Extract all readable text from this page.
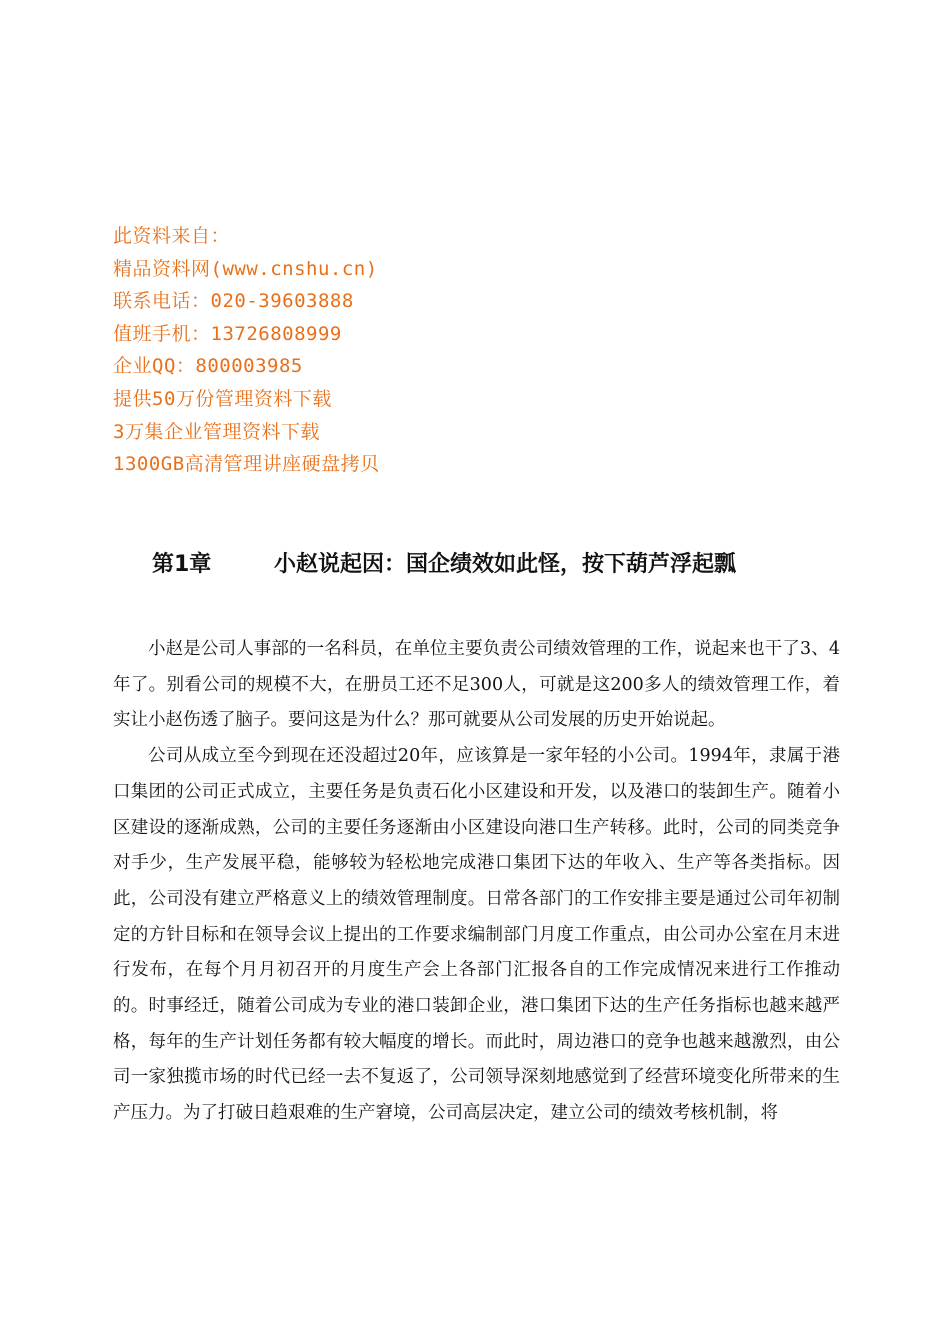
此资料来自：
精品资料网(www.cnshu.cn)
联系电话：020-39603888
值班手机：13726808999
企业QQ：800003985
提供50万份管理资料下载
3万集企业管理资料下载
1300GB高清管理讲座硬盘拷贝
第1章	小赵说起因：国企绩效如此怪，按下葫芦浮起瓢

小赵是公司人事部的一名科员，在单位主要负责公司绩效管理的工作，说起来也干了3、4年了。别看公司的规模不大，在册员工还不足300人，可就是这200多人的绩效管理工作，着实让小赵伤透了脑子。要问这是为什么？那可就要从公司发展的历史开始说起。

公司从成立至今到现在还没超过20年，应该算是一家年轻的小公司。1994年，隶属于港口集团的公司正式成立，主要任务是负责石化小区建设和开发，以及港口的装卸生产。随着小区建设的逐渐成熟，公司的主要任务逐渐由小区建设向港口生产转移。此时，公司的同类竞争对手少，生产发展平稳，能够较为轻松地完成港口集团下达的年收入、生产等各类指标。因此，公司没有建立严格意义上的绩效管理制度。日常各部门的工作安排主要是通过公司年初制定的方针目标和在领导会议上提出的工作要求编制部门月度工作重点，由公司办公室在月末进行发布，在每个月月初召开的月度生产会上各部门汇报各自的工作完成情况来进行工作推动的。时事经迁，随着公司成为专业的港口装卸企业，港口集团下达的生产任务指标也越来越严格，每年的生产计划任务都有较大幅度的增长。而此时，周边港口的竞争也越来越激烈，由公司一家独揽市场的时代已经一去不复返了，公司领导深刻地感觉到了经营环境变化所带来的生产压力。为了打破日趋艰难的生产窘境，公司高层决定，建立公司的绩效考核机制，将
